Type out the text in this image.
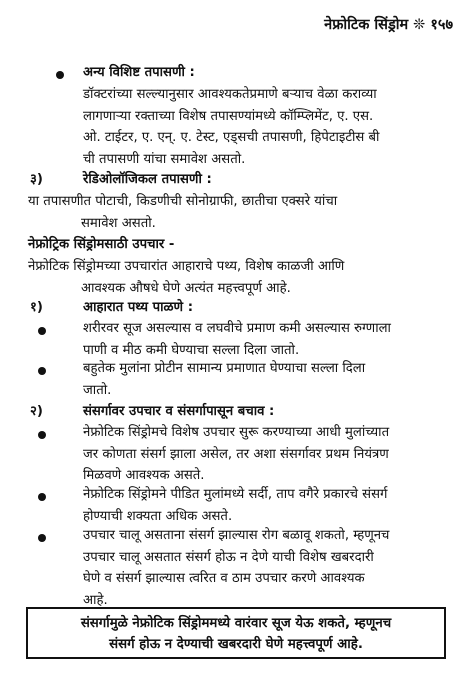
नेफ्रोटिक सिंड्रोम ❊ १५७
अन्य विशिष्ट तपासणी :
डॉक्टरांच्या सल्ल्यानुसार आवश्यकतेप्रमाणे बऱ्याच वेळा कराव्या
लागणाऱ्या रक्ताच्या विशेष तपासण्यांमध्ये कॉम्प्लिमेंट, ए. एस.
ओ. टाईटर, ए. एन्. ए. टेस्ट, एड्सची तपासणी, हिपेटाइटीस बी
ची तपासणी यांचा समावेश असतो.
३)	रेडिओलॉजिकल तपासणी :
या तपासणीत पोटाची, किडणीची सोनोग्राफी, छातीचा एक्सरे यांचा
समावेश असतो.
नेफ्रोट्रिक सिंड्रोमसाठी उपचार -
नेफ्रोटिक सिंड्रोमच्या उपचारांत आहाराचे पथ्य, विशेष काळजी आणि
आवश्यक औषधे घेणे अत्यंत महत्त्वपूर्ण आहे.
१)	आहारात पथ्य पाळणे :
शरीरवर सूज असल्यास व लघवीचे प्रमाण कमी असल्यास रुग्णाला
पाणी व मीठ कमी घेण्याचा सल्ला दिला जातो.
बहुतेक मुलांना प्रोटीन सामान्य प्रमाणात घेण्याचा सल्ला दिला
जातो.
२)	संसर्गावर उपचार व संसर्गापासून बचाव :
नेफ्रोटिक सिंड्रोमचे विशेष उपचार सुरू करण्याच्या आधी मुलांच्यात
जर कोणता संसर्ग झाला असेल, तर अशा संसर्गावर प्रथम नियंत्रण
मिळवणे आवश्यक असते.
नेफ्रोटिक सिंड्रोमने पीडित मुलांमध्ये सर्दी, ताप वगैरे प्रकारचे संसर्ग
होण्याची शक्यता अधिक असते.
उपचार चालू असताना संसर्ग झाल्यास रोग बळावू शकतो, म्हणूनच
उपचार चालू असतात संसर्ग होऊ न देणे याची विशेष खबरदारी
घेणे व संसर्ग झाल्यास त्वरित व ठाम उपचार करणे आवश्यक
आहे.
संसर्गामुळे नेफ्रोटिक सिंड्रोममध्ये वारंवार सूज येऊ शकते, म्हणूनच
संसर्ग होऊ न देण्याची खबरदारी घेणे महत्त्वपूर्ण आहे.
